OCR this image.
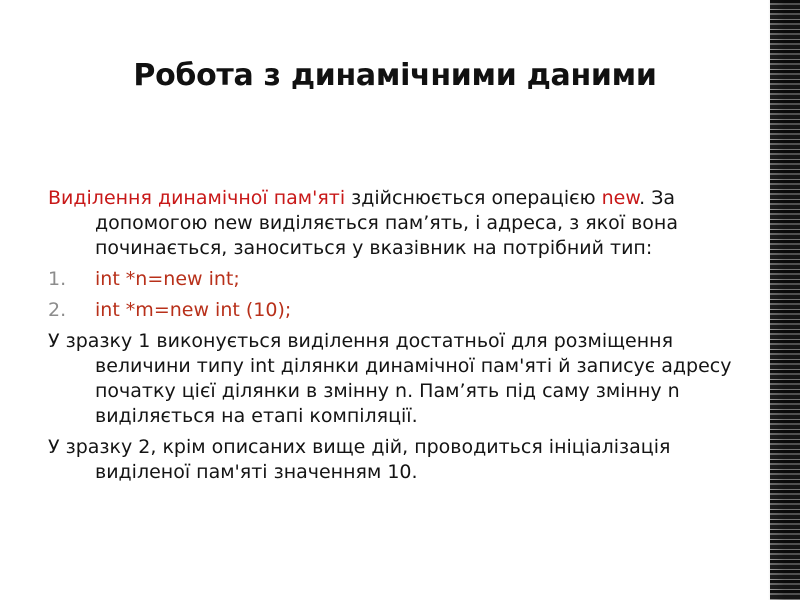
Робота з динамічними даними

Виділення динамічної пам'яті здійснюється операцією new. За допомогою new виділяється пам’ять, і адреса, з якої вона починається, заноситься у вказівник на потрібний тип:

1.	int *n=new int;
2.	int *m=new int (10);

У зразку 1 виконується виділення достатньої для розміщення величини типу int ділянки динамічної пам'яті й записує адресу початку цієї ділянки в змінну n. Пам’ять під саму змінну n виділяється на етапі компіляції.

У зразку 2, крім описаних вище дій, проводиться ініціалізація виділеної пам'яті значенням 10.
